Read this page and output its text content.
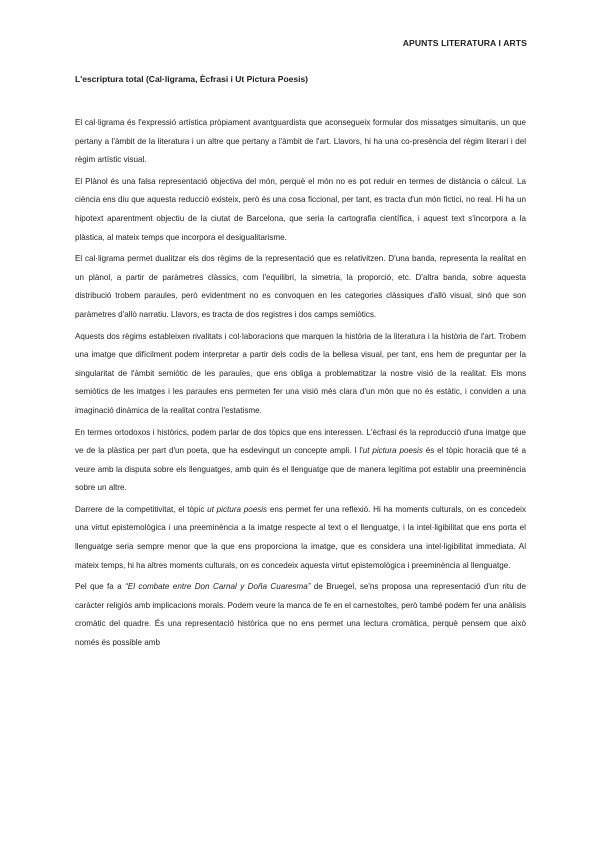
APUNTS LITERATURA I ARTS
L'escriptura total (Cal·ligrama, Ècfrasi i Ut Pictura Poesis)

El cal·ligrama és l'expressió artística pròpiament avantguardista que aconsegueix formular dos missatges simultanis, un que pertany a l'àmbit de la literatura i un altre que pertany a l'àmbit de l'art. Llavors, hi ha una co-presència del règim literari i del règim artístic visual.

El Plànol és una falsa representació objectiva del món, perquè el món no es pot reduir en termes de distància o càlcul. La ciència ens diu que aquesta reducció existeix, però és una cosa ficcional, per tant, es tracta d'un món fictici, no real. Hi ha un hipotext aparentment objectiu de la ciutat de Barcelona, que seria la cartografia científica, i aquest text s'incorpora a la plàstica, al mateix temps que incorpora el desigualitarisme.

El cal·ligrama permet dualitzar els dos règims de la representació que es relativitzen. D'una banda, representa la realitat en un plànol, a partir de paràmetres clàssics, com l'equilibri, la simetria, la proporció, etc. D'altra banda, sobre aquesta distribució trobem paraules, però evidentment no es convoquen en les categories clàssiques d'allò visual, sinó que son paràmetres d'allò narratiu. Llavors, es tracta de dos registres i dos camps semiòtics.

Aquests dos règims estableixen rivalitats i col·laboracions que marquen la història de la literatura i la història de l'art. Trobem una imatge que difícilment podem interpretar a partir dels codis de la bellesa visual, per tant, ens hem de preguntar per la singularitat de l'àmbit semiòtic de les paraules, que ens obliga a problematitzar la nostre visió de la realitat. Els mons semiòtics de les imatges i les paraules ens permeten fer una visió més clara d'un món que no és estàtic, i conviden a una imaginació dinàmica de la realitat contra l'estatisme.

En termes ortodoxos i històrics, podem parlar de dos tòpics que ens interessen. L'ècfrasi és la reproducció d'una imatge que ve de la plàstica per part d'un poeta, que ha esdevingut un concepte ampli. I l'ut pictura poesis és el tòpic horacià que té a veure amb la disputa sobre els llenguatges, amb quin és el llenguatge que de manera legítima pot establir una preeminència sobre un altre.

Darrere de la competitivitat, el tòpic ut pictura poesis ens permet fer una reflexió. Hi ha moments culturals, on es concedeix una virtut epistemològica i una preeminència a la imatge respecte al text o el llenguatge, i la intel·ligibilitat que ens porta el llenguatge seria sempre menor que la que ens proporciona la imatge, que es considera una intel·ligibilitat immediata. Al mateix temps, hi ha altres moments culturals, on es concedeix aquesta virtut epistemològica i preeminència al llenguatge.

Pel que fa a “El combate entre Don Carnal y Doña Cuaresma” de Bruegel, se'ns proposa una representació d'un ritu de caràcter religiós amb implicacions morals. Podem veure la manca de fe en el carnestoltes, però també podem fer una anàlisis cromàtic del quadre. És una representació històrica que no ens permet una lectura cromàtica, perquè pensem que això només és possible amb
